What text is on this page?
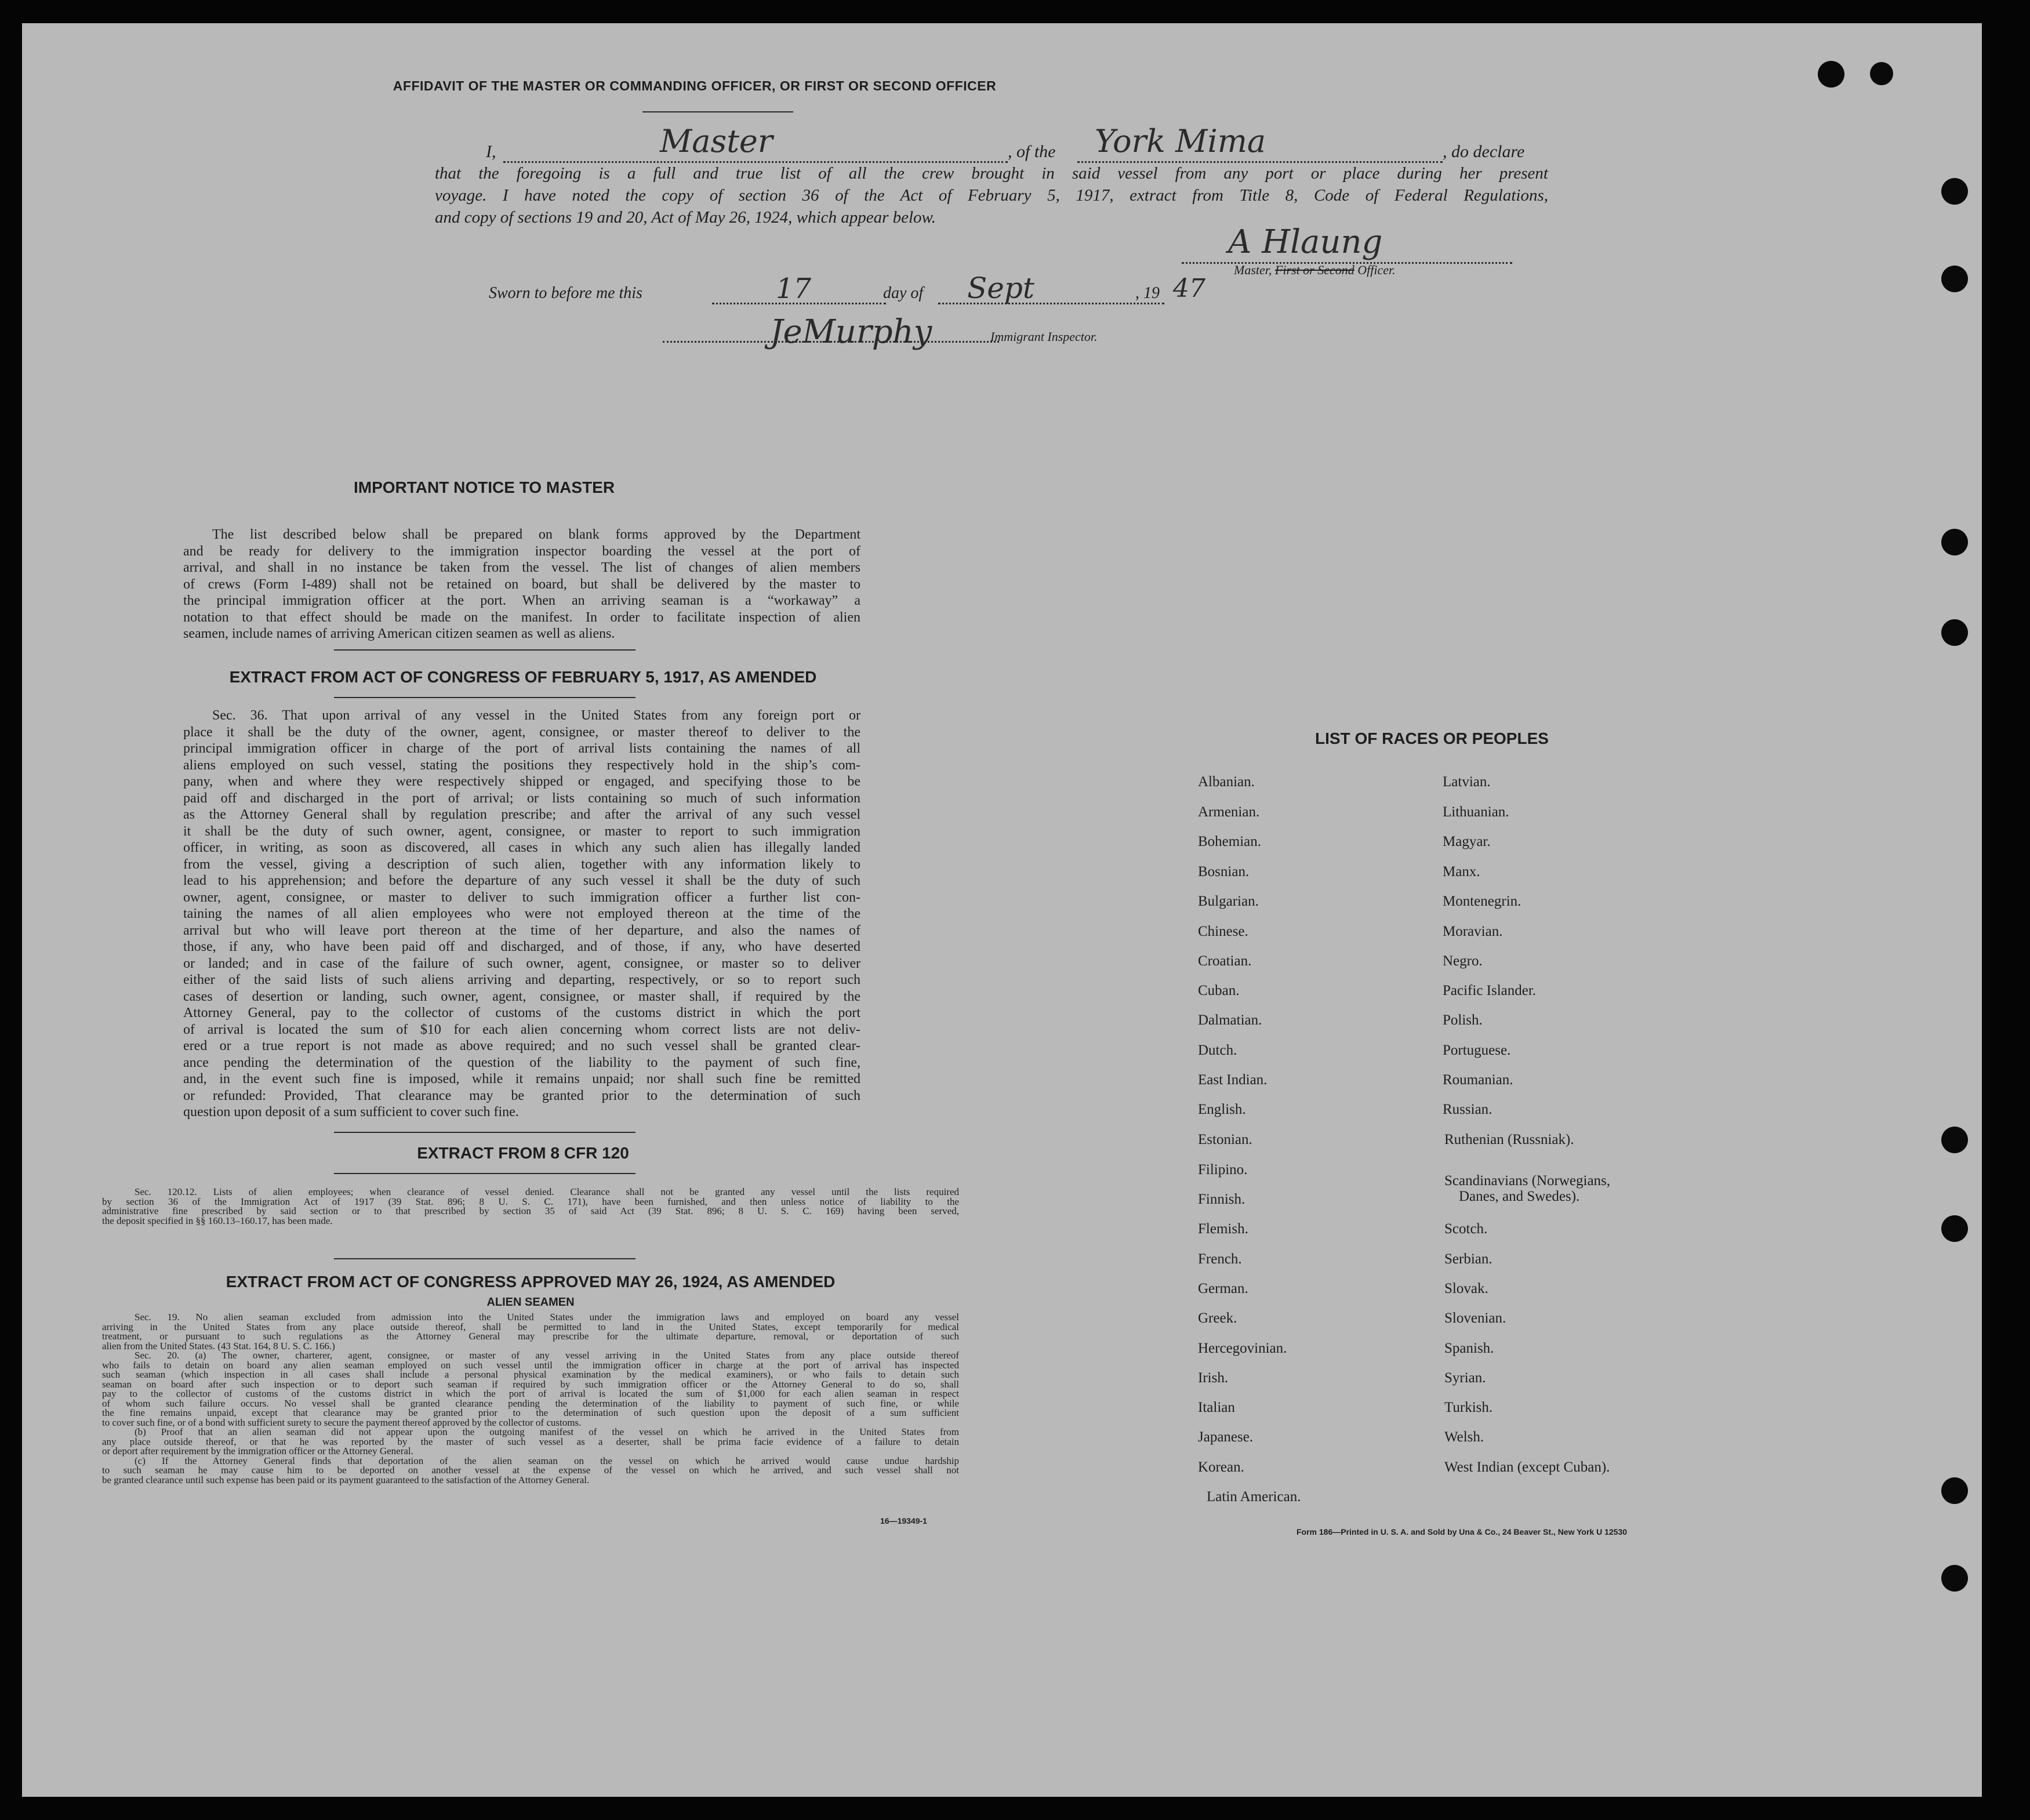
AFFIDAVIT OF THE MASTER OR COMMANDING OFFICER, OR FIRST OR SECOND OFFICER
I,	Master	, of the York Mima	, do declare
that the foregoing is a full and true list of all the crew brought in said vessel from any port or place during her present
voyage. I have noted the copy of section 36 of the Act of February 5, 1917, extract from Title 8, Code of Federal Regulations,
and copy of sections 19 and 20, Act of May 26, 1924, which appear below.
A Hlaung
Master, First or Second Officer.
Sworn to before me this	17	day of Sept	, 19 47
JeMurphy	Immigrant Inspector.
IMPORTANT NOTICE TO MASTER
The list described below shall be prepared on blank forms approved by the Department
and be ready for delivery to the immigration inspector boarding the vessel at the port of
arrival, and shall in no instance be taken from the vessel. The list of changes of alien members
of crews (Form I-489) shall not be retained on board, but shall be delivered by the master to
the principal immigration officer at the port. When an arriving seaman is a “workaway” a
notation to that effect should be made on the manifest. In order to facilitate inspection of alien
seamen, include names of arriving American citizen seamen as well as aliens.
EXTRACT FROM ACT OF CONGRESS OF FEBRUARY 5, 1917, AS AMENDED
Sec. 36. That upon arrival of any vessel in the United States from any foreign port or
place it shall be the duty of the owner, agent, consignee, or master thereof to deliver to the
principal immigration officer in charge of the port of arrival lists containing the names of all
aliens employed on such vessel, stating the positions they respectively hold in the ship’s com-
pany, when and where they were respectively shipped or engaged, and specifying those to be
paid off and discharged in the port of arrival; or lists containing so much of such information
as the Attorney General shall by regulation prescribe; and after the arrival of any such vessel
it shall be the duty of such owner, agent, consignee, or master to report to such immigration
officer, in writing, as soon as discovered, all cases in which any such alien has illegally landed
from the vessel, giving a description of such alien, together with any information likely to
lead to his apprehension; and before the departure of any such vessel it shall be the duty of such
owner, agent, consignee, or master to deliver to such immigration officer a further list con-
taining the names of all alien employees who were not employed thereon at the time of the
arrival but who will leave port thereon at the time of her departure, and also the names of
those, if any, who have been paid off and discharged, and of those, if any, who have deserted
or landed; and in case of the failure of such owner, agent, consignee, or master so to deliver
either of the said lists of such aliens arriving and departing, respectively, or so to report such
cases of desertion or landing, such owner, agent, consignee, or master shall, if required by the
Attorney General, pay to the collector of customs of the customs district in which the port
of arrival is located the sum of $10 for each alien concerning whom correct lists are not deliv-
ered or a true report is not made as above required; and no such vessel shall be granted clear-
ance pending the determination of the question of the liability to the payment of such fine,
and, in the event such fine is imposed, while it remains unpaid; nor shall such fine be remitted
or refunded: Provided, That clearance may be granted prior to the determination of such
question upon deposit of a sum sufficient to cover such fine.
EXTRACT FROM 8 CFR 120
Sec. 120.12. Lists of alien employees; when clearance of vessel denied. Clearance shall not be granted any vessel until the lists required
by section 36 of the Immigration Act of 1917 (39 Stat. 896; 8 U. S. C. 171), have been furnished, and then unless notice of liability to the
administrative fine prescribed by said section or to that prescribed by section 35 of said Act (39 Stat. 896; 8 U. S. C. 169) having been served,
the deposit specified in §§ 160.13–160.17, has been made.
EXTRACT FROM ACT OF CONGRESS APPROVED MAY 26, 1924, AS AMENDED
ALIEN SEAMEN
Sec. 19. No alien seaman excluded from admission into the United States under the immigration laws and employed on board any vessel
arriving in the United States from any place outside thereof, shall be permitted to land in the United States, except temporarily for medical
treatment, or pursuant to such regulations as the Attorney General may prescribe for the ultimate departure, removal, or deportation of such
alien from the United States. (43 Stat. 164, 8 U. S. C. 166.)
Sec. 20. (a) The owner, charterer, agent, consignee, or master of any vessel arriving in the United States from any place outside thereof
who fails to detain on board any alien seaman employed on such vessel until the immigration officer in charge at the port of arrival has inspected
such seaman (which inspection in all cases shall include a personal physical examination by the medical examiners), or who fails to detain such
seaman on board after such inspection or to deport such seaman if required by such immigration officer or the Attorney General to do so, shall
pay to the collector of customs of the customs district in which the port of arrival is located the sum of $1,000 for each alien seaman in respect
of whom such failure occurs. No vessel shall be granted clearance pending the determination of the liability to payment of such fine, or while
the fine remains unpaid, except that clearance may be granted prior to the determination of such question upon the deposit of a sum sufficient
to cover such fine, or of a bond with sufficient surety to secure the payment thereof approved by the collector of customs.
(b) Proof that an alien seaman did not appear upon the outgoing manifest of the vessel on which he arrived in the United States from
any place outside thereof, or that he was reported by the master of such vessel as a deserter, shall be prima facie evidence of a failure to detain
or deport after requirement by the immigration officer or the Attorney General.
(c) If the Attorney General finds that deportation of the alien seaman on the vessel on which he arrived would cause undue hardship
to such seaman he may cause him to be deported on another vessel at the expense of the vessel on which he arrived, and such vessel shall not
be granted clearance until such expense has been paid or its payment guaranteed to the satisfaction of the Attorney General.
16—19349-1
LIST OF RACES OR PEOPLES
Form 186—Printed in U. S. A. and Sold by Una & Co., 24 Beaver St., New York U 12530
Albanian.
Armenian.
Bohemian.
Bosnian.
Bulgarian.
Chinese.
Croatian.
Cuban.
Dalmatian.
Dutch.
East Indian.
English.
Estonian.
Filipino.
Finnish.
Flemish.
French.
German.
Greek.
Hercegovinian.
Irish.
Italian
Japanese.
Korean.
Latin American.
Latvian.
Lithuanian.
Magyar.
Manx.
Montenegrin.
Moravian.
Negro.
Pacific Islander.
Polish.
Portuguese.
Roumanian.
Russian.
Ruthenian (Russniak).
Scandinavians (Norwegians,
Scotch.
Serbian.
Slovak.
Slovenian.
Spanish.
Syrian.
Turkish.
Welsh.
West Indian (except Cuban).
Danes, and Swedes).
